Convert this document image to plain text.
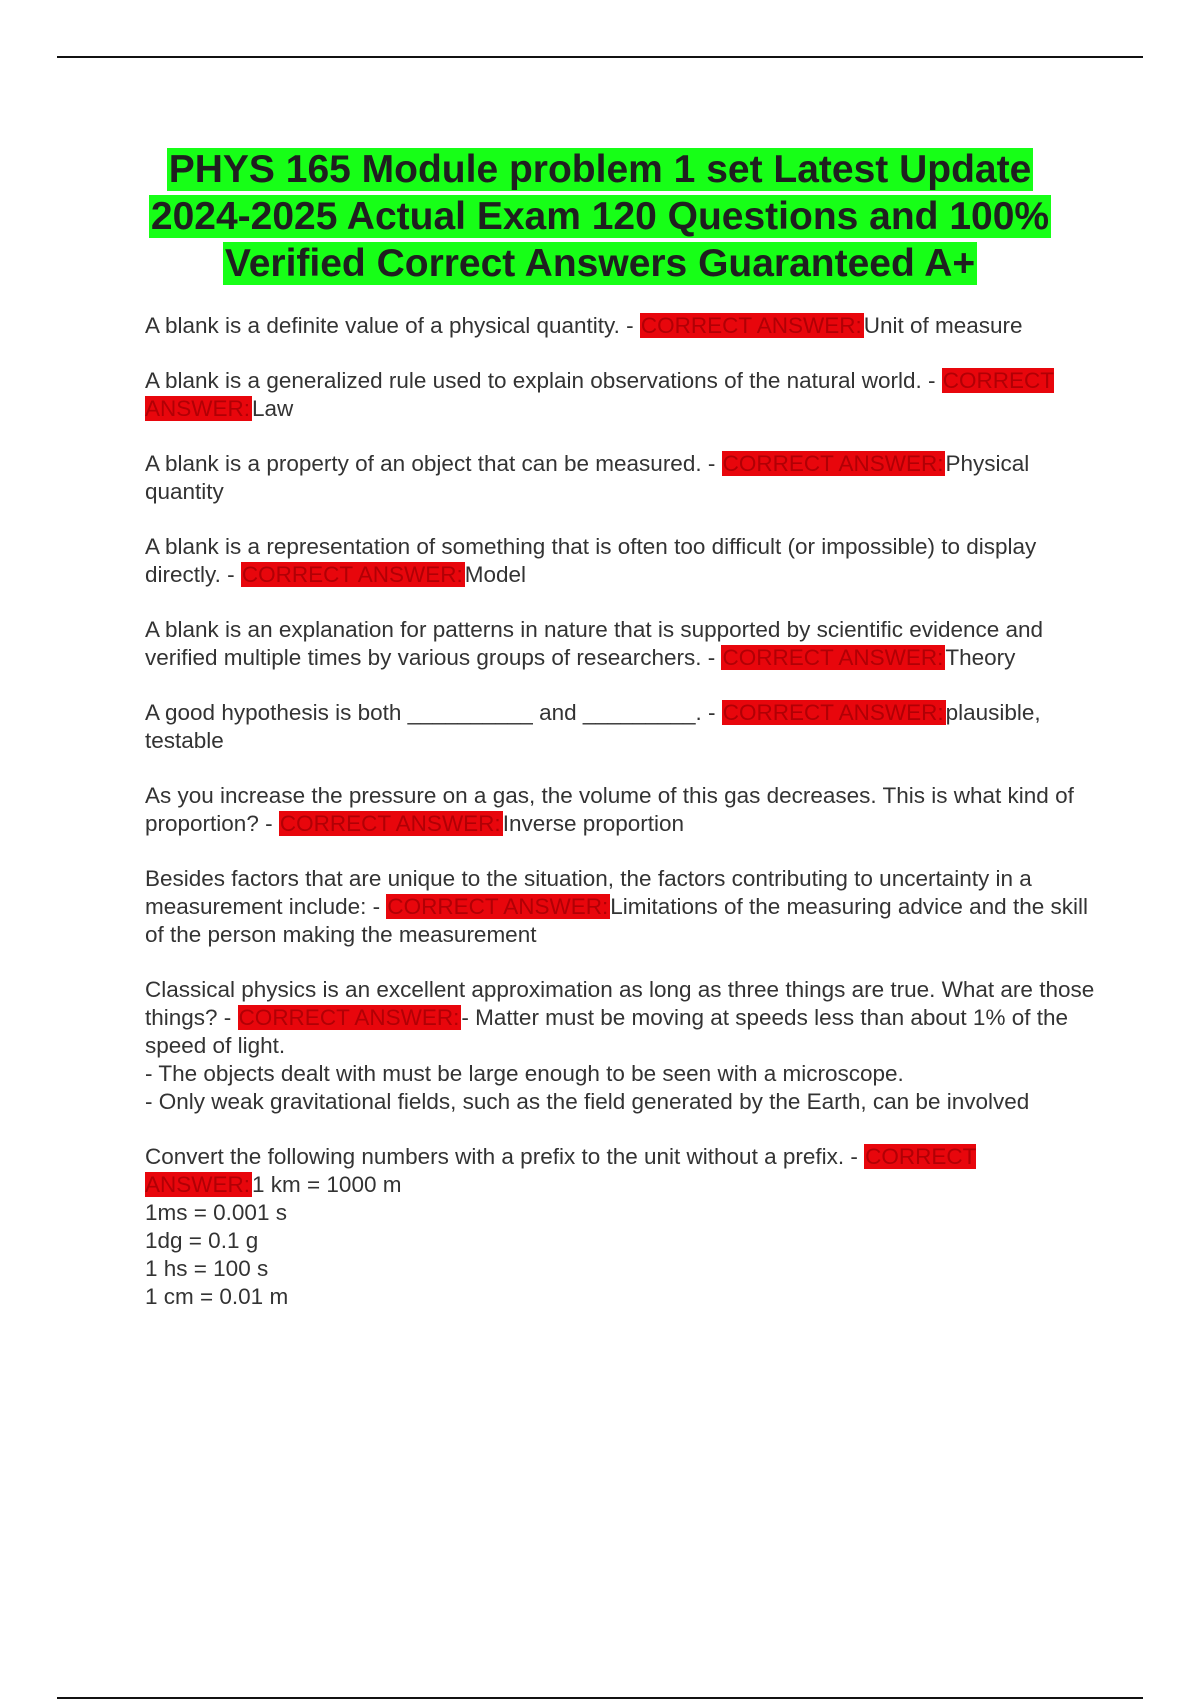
PHYS 165 Module problem 1 set Latest Update
2024-2025 Actual Exam 120 Questions and 100%
Verified Correct Answers Guaranteed A+
A blank is a definite value of a physical quantity. - CORRECT ANSWER:Unit of measure
A blank is a generalized rule used to explain observations of the natural world. - CORRECT ANSWER:Law
A blank is a property of an object that can be measured. - CORRECT ANSWER:Physical quantity
A blank is a representation of something that is often too difficult (or impossible) to display directly. - CORRECT ANSWER:Model
A blank is an explanation for patterns in nature that is supported by scientific evidence and verified multiple times by various groups of researchers. - CORRECT ANSWER:Theory
A good hypothesis is both __________ and _________. - CORRECT ANSWER:plausible, testable
As you increase the pressure on a gas, the volume of this gas decreases. This is what kind of proportion? - CORRECT ANSWER:Inverse proportion
Besides factors that are unique to the situation, the factors contributing to uncertainty in a measurement include: - CORRECT ANSWER:Limitations of the measuring advice and the skill of the person making the measurement
Classical physics is an excellent approximation as long as three things are true. What are those things? - CORRECT ANSWER:- Matter must be moving at speeds less than about 1% of the speed of light.
- The objects dealt with must be large enough to be seen with a microscope.
- Only weak gravitational fields, such as the field generated by the Earth, can be involved
Convert the following numbers with a prefix to the unit without a prefix. - CORRECT ANSWER:1 km = 1000 m
1ms = 0.001 s
1dg = 0.1 g
1 hs = 100 s
1 cm = 0.01 m
